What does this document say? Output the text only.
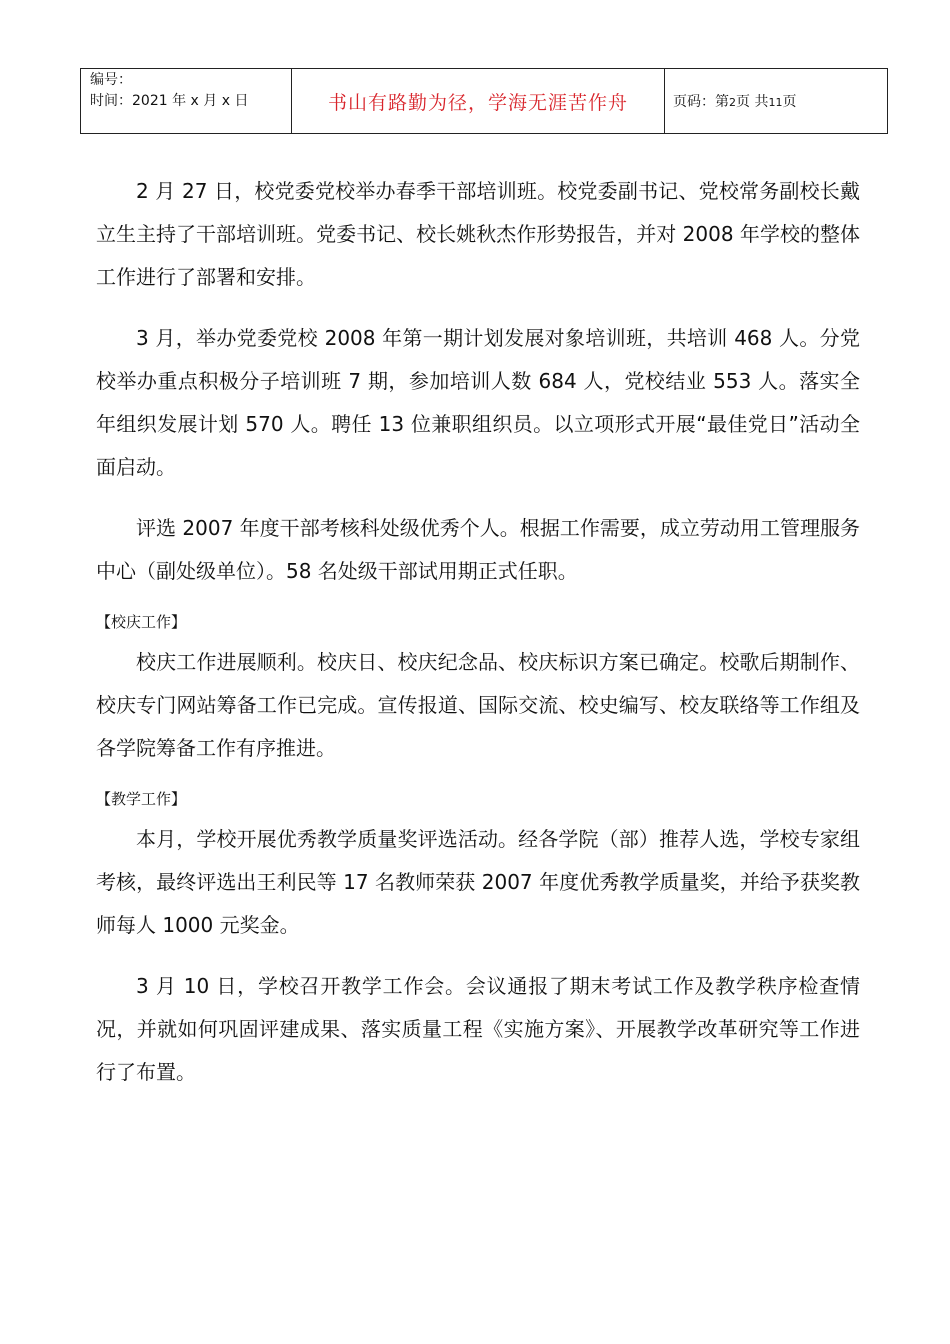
编号：
时间：2021 年 x 月 x 日	书山有路勤为径，学海无涯苦作舟	页码：第2页 共11页

2 月 27 日，校党委党校举办春季干部培训班。校党委副书记、党校常务副校长戴立生主持了干部培训班。党委书记、校长姚秋杰作形势报告，并对 2008 年学校的整体工作进行了部署和安排。

3 月，举办党委党校 2008 年第一期计划发展对象培训班，共培训 468 人。分党校举办重点积极分子培训班 7 期，参加培训人数 684 人，党校结业 553 人。落实全年组织发展计划 570 人。聘任 13 位兼职组织员。以立项形式开展“最佳党日”活动全面启动。

评选 2007 年度干部考核科处级优秀个人。根据工作需要，成立劳动用工管理服务中心（副处级单位）。58 名处级干部试用期正式任职。

【校庆工作】

校庆工作进展顺利。校庆日、校庆纪念品、校庆标识方案已确定。校歌后期制作、校庆专门网站筹备工作已完成。宣传报道、国际交流、校史编写、校友联络等工作组及各学院筹备工作有序推进。

【教学工作】

本月，学校开展优秀教学质量奖评选活动。经各学院（部）推荐人选，学校专家组考核，最终评选出王利民等 17 名教师荣获 2007 年度优秀教学质量奖，并给予获奖教师每人 1000 元奖金。

3 月 10 日，学校召开教学工作会。会议通报了期末考试工作及教学秩序检查情况，并就如何巩固评建成果、落实质量工程《实施方案》、开展教学改革研究等工作进行了布置。
